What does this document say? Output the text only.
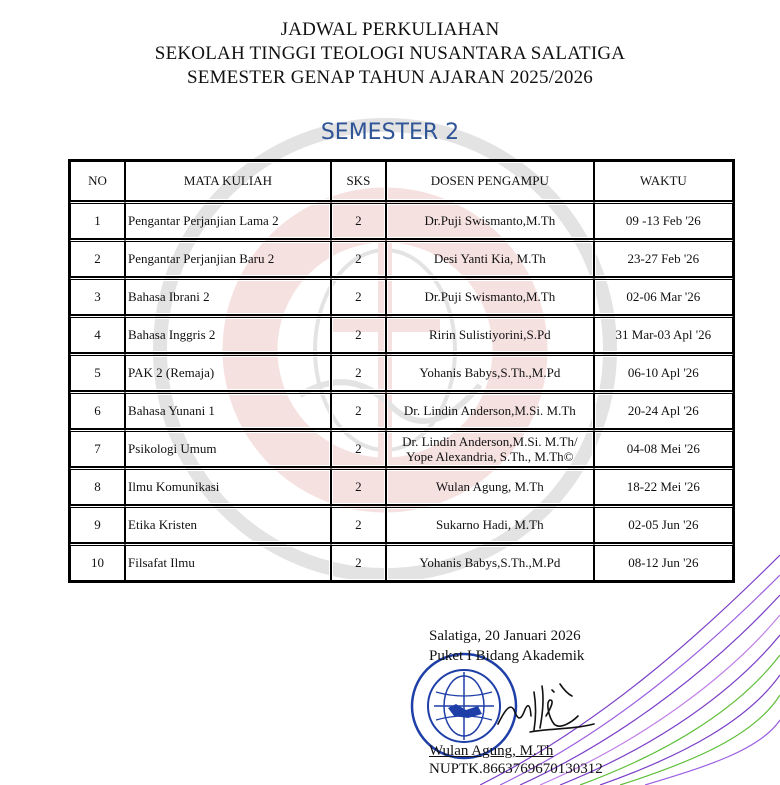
JADWAL PERKULIAHAN
SEKOLAH TINGGI TEOLOGI NUSANTARA SALATIGA
SEMESTER GENAP TAHUN AJARAN 2025/2026
SEMESTER 2
NO	MATA KULIAH	SKS	DOSEN PENGAMPU	WAKTU
1	Pengantar Perjanjian Lama 2	2	Dr.Puji Swismanto,M.Th	09 -13 Feb '26
2	Pengantar Perjanjian Baru 2	2	Desi Yanti Kia, M.Th	23-27 Feb '26
3	Bahasa Ibrani 2	2	Dr.Puji Swismanto,M.Th	02-06 Mar '26
4	Bahasa Inggris 2	2	Ririn Sulistiyorini,S.Pd	31 Mar-03 Apl '26
5	PAK 2 (Remaja)	2	Yohanis Babys,S.Th.,M.Pd	06-10 Apl '26
6	Bahasa Yunani 1	2	Dr. Lindin Anderson,M.Si. M.Th	20-24 Apl '26
7	Psikologi Umum	2	Dr. Lindin Anderson,M.Si. M.Th/
Yope Alexandria, S.Th., M.Th©	04-08 Mei '26
8	Ilmu Komunikasi	2	Wulan Agung, M.Th	18-22 Mei '26
9	Etika Kristen	2	Sukarno Hadi, M.Th	02-05 Jun '26
10	Filsafat Ilmu	2	Yohanis Babys,S.Th.,M.Pd	08-12 Jun '26
Salatiga, 20 Januari 2026
Puket I Bidang Akademik
Wulan Agung, M.Th
NUPTK.8663769670130312
